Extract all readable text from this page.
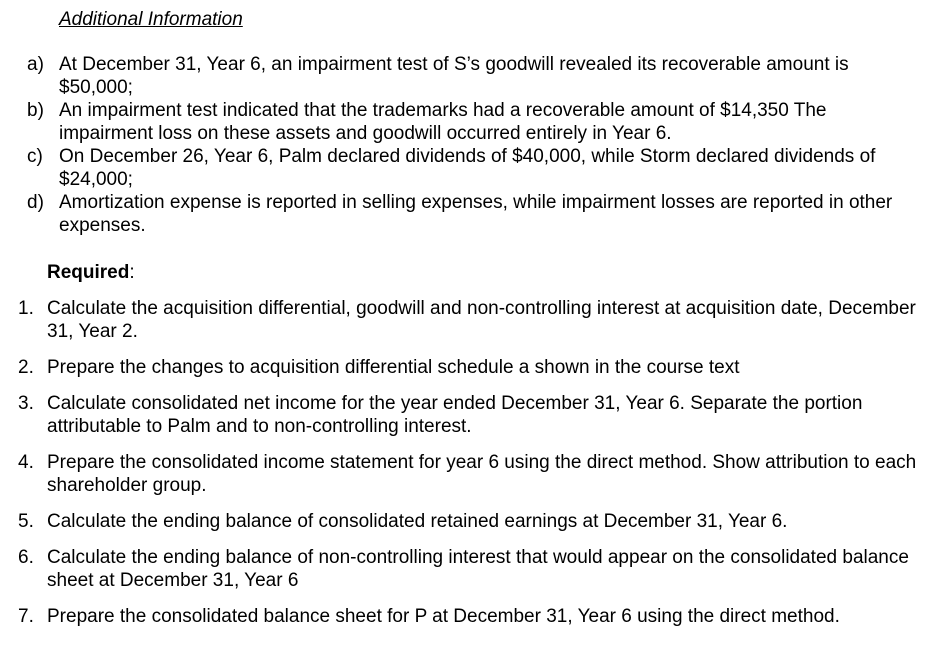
Additional Information
a) At December 31, Year 6, an impairment test of S’s goodwill revealed its recoverable amount is $50,000;
b) An impairment test indicated that the trademarks had a recoverable amount of $14,350 The impairment loss on these assets and goodwill occurred entirely in Year 6.
c) On December 26, Year 6, Palm declared dividends of $40,000, while Storm declared dividends of $24,000;
d) Amortization expense is reported in selling expenses, while impairment losses are reported in other expenses.
Required:
1. Calculate the acquisition differential, goodwill and non-controlling interest at acquisition date, December 31, Year 2.
2. Prepare the changes to acquisition differential schedule a shown in the course text
3. Calculate consolidated net income for the year ended December 31, Year 6. Separate the portion attributable to Palm and to non-controlling interest.
4. Prepare the consolidated income statement for year 6 using the direct method. Show attribution to each shareholder group.
5. Calculate the ending balance of consolidated retained earnings at December 31, Year 6.
6. Calculate the ending balance of non-controlling interest that would appear on the consolidated balance sheet at December 31, Year 6
7. Prepare the consolidated balance sheet for P at December 31, Year 6 using the direct method.
